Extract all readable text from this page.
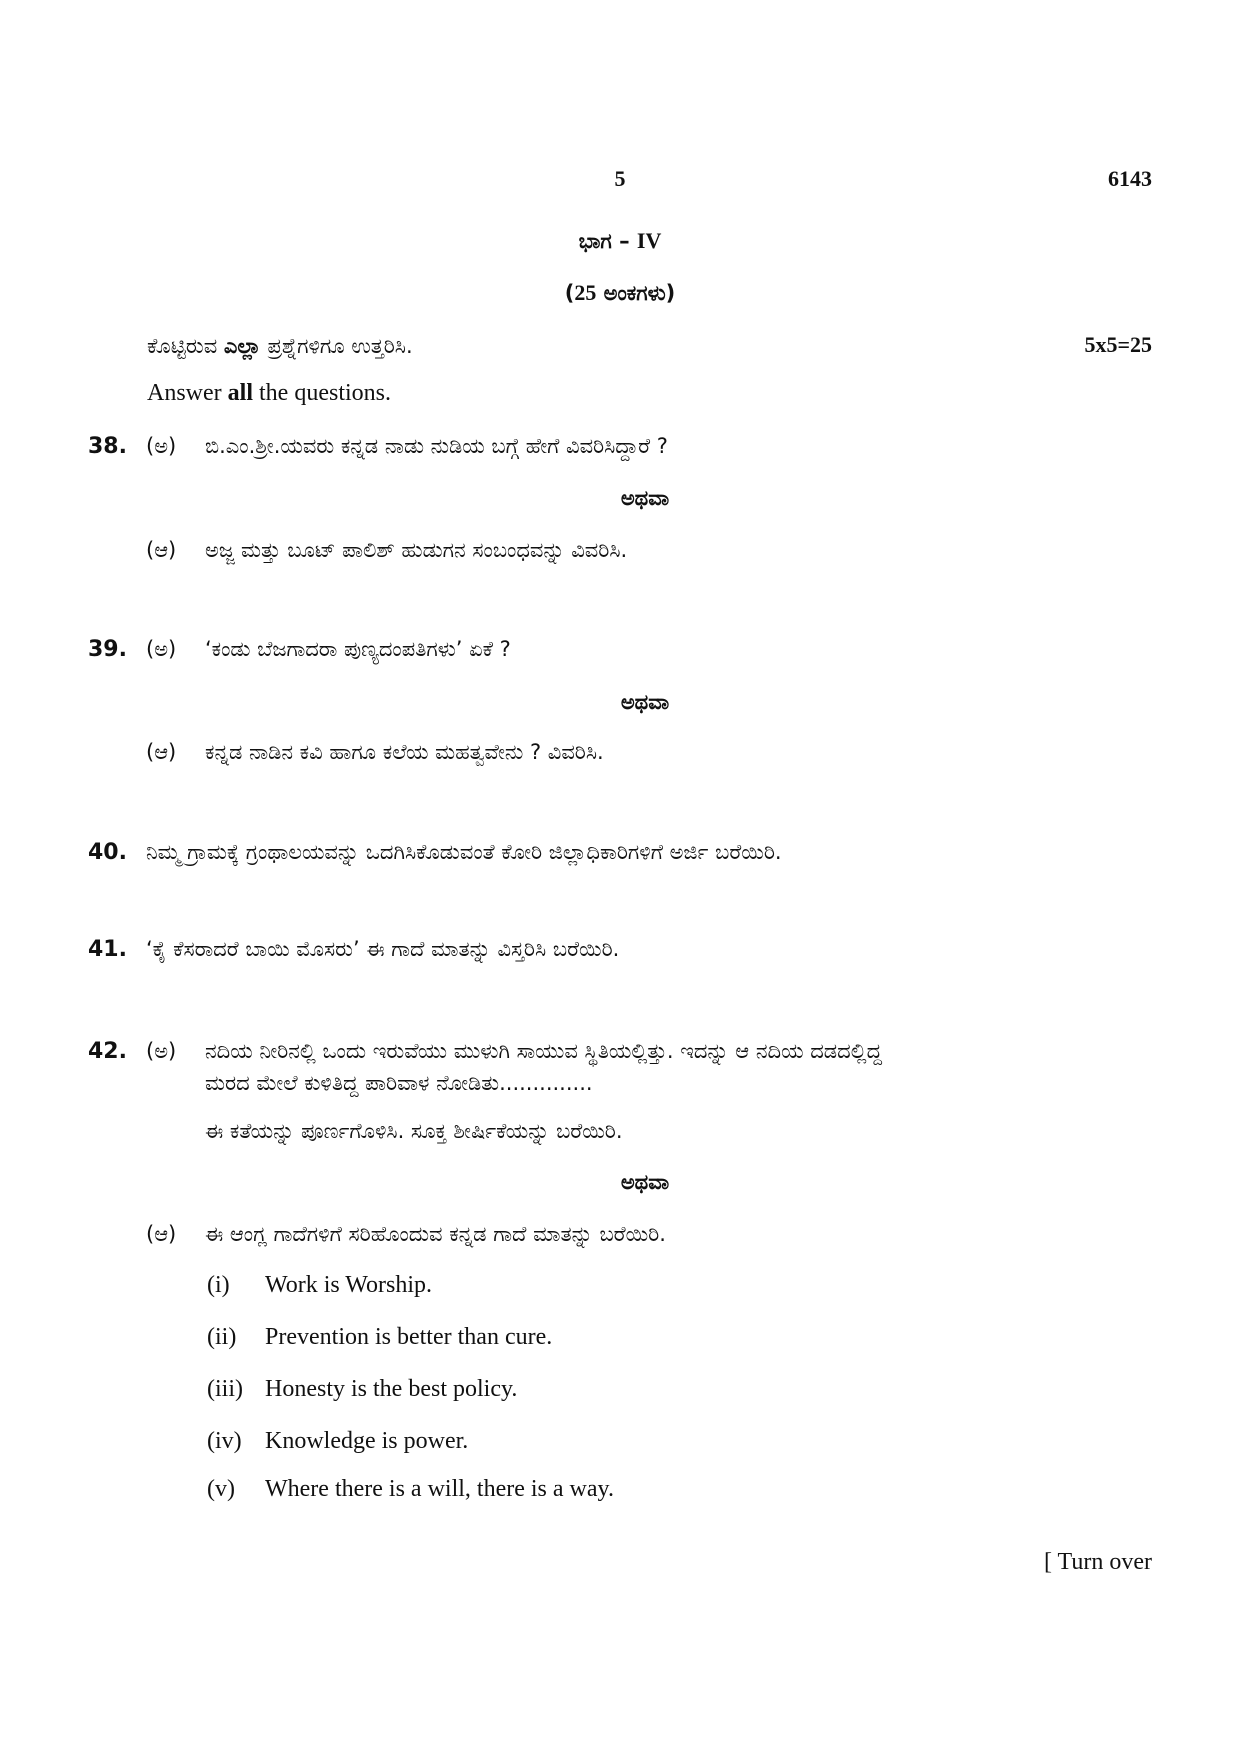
5	6143
ಭಾಗ – IV
(25 ಅಂಕಗಳು)
ಕೊಟ್ಟಿರುವ ಎಲ್ಲಾ ಪ್ರಶ್ನೆಗಳಿಗೂ ಉತ್ತರಿಸಿ.	5x5=25
Answer all the questions.
38. (ಅ) ಬಿ.ಎಂ.ಶ್ರೀ.ಯವರು ಕನ್ನಡ ನಾಡು ನುಡಿಯ ಬಗ್ಗೆ ಹೇಗೆ ವಿವರಿಸಿದ್ದಾರೆ ?
ಅಥವಾ
(ಆ) ಅಜ್ಜ ಮತ್ತು ಬೂಟ್ ಪಾಲಿಶ್ ಹುಡುಗನ ಸಂಬಂಧವನ್ನು ವಿವರಿಸಿ.
39. (ಅ) ‘ಕಂಡು ಬೆಜಗಾದರಾ ಪುಣ್ಯದಂಪತಿಗಳು’ ಏಕೆ ?
ಅಥವಾ
(ಆ) ಕನ್ನಡ ನಾಡಿನ ಕವಿ ಹಾಗೂ ಕಲೆಯ ಮಹತ್ವವೇನು ? ವಿವರಿಸಿ.
40. ನಿಮ್ಮ ಗ್ರಾಮಕ್ಕೆ ಗ್ರಂಥಾಲಯವನ್ನು ಒದಗಿಸಿಕೊಡುವಂತೆ ಕೋರಿ ಜಿಲ್ಲಾಧಿಕಾರಿಗಳಿಗೆ ಅರ್ಜಿ ಬರೆಯಿರಿ.
41. ‘ಕೈ ಕೆಸರಾದರೆ ಬಾಯಿ ಮೊಸರು’ ಈ ಗಾದೆ ಮಾತನ್ನು ವಿಸ್ತರಿಸಿ ಬರೆಯಿರಿ.
42. (ಅ) ನದಿಯ ನೀರಿನಲ್ಲಿ ಒಂದು ಇರುವೆಯು ಮುಳುಗಿ ಸಾಯುವ ಸ್ಥಿತಿಯಲ್ಲಿತ್ತು. ಇದನ್ನು ಆ ನದಿಯ ದಡದಲ್ಲಿದ್ದ
ಮರದ ಮೇಲೆ ಕುಳಿತಿದ್ದ ಪಾರಿವಾಳ ನೋಡಿತು..............
ಈ ಕತೆಯನ್ನು ಪೂರ್ಣಗೊಳಿಸಿ. ಸೂಕ್ತ ಶೀರ್ಷಿಕೆಯನ್ನು ಬರೆಯಿರಿ.
ಅಥವಾ
(ಆ) ಈ ಆಂಗ್ಲ ಗಾದೆಗಳಿಗೆ ಸರಿಹೊಂದುವ ಕನ್ನಡ ಗಾದೆ ಮಾತನ್ನು ಬರೆಯಿರಿ.
(i) Work is Worship.
(ii) Prevention is better than cure.
(iii) Honesty is the best policy.
(iv) Knowledge is power.
(v) Where there is a will, there is a way.
[ Turn over
